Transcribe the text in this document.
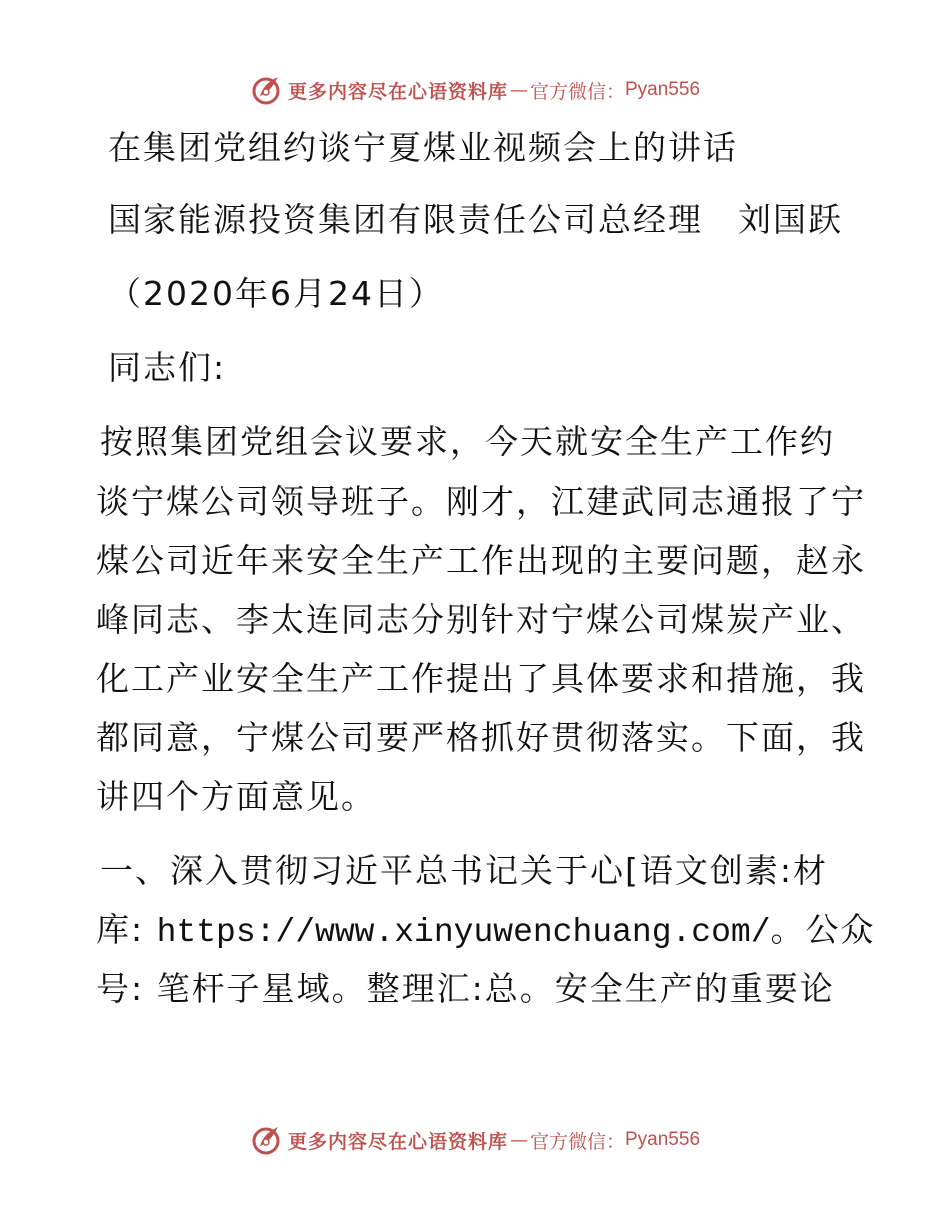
更多内容尽在心语资料库 — 官方微信： Pyan556
在集团党组约谈宁夏煤业视频会上的讲话
国家能源投资集团有限责任公司总经理　刘国跃
（2020年6月24日）
同志们:
按照集团党组会议要求，今天就安全生产工作约
谈宁煤公司领导班子。刚才，江建武同志通报了宁
煤公司近年来安全生产工作出现的主要问题，赵永
峰同志、李太连同志分别针对宁煤公司煤炭产业、
化工产业安全生产工作提出了具体要求和措施，我
都同意，宁煤公司要严格抓好贯彻落实。下面，我
讲四个方面意见。
一、深入贯彻习近平总书记关于心[语文创素:材
库: https://www.xinyuwenchuang.com/。公众
号: 笔杆子星域。整理汇:总。安全生产的重要论
更多内容尽在心语资料库 — 官方微信： Pyan556
